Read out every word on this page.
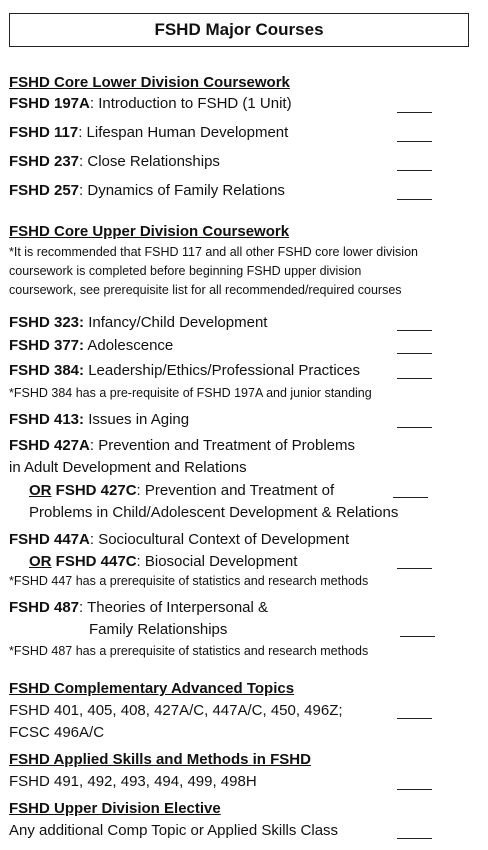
FSHD Major Courses
FSHD Core Lower Division Coursework
FSHD 197A: Introduction to FSHD (1 Unit)
FSHD 117: Lifespan Human Development
FSHD 237: Close Relationships
FSHD 257: Dynamics of Family Relations
FSHD Core Upper Division Coursework
*It is recommended that FSHD 117 and all other FSHD core lower division
coursework is completed before beginning FSHD upper division
coursework, see prerequisite list for all recommended/required courses
FSHD 323: Infancy/Child Development
FSHD 377: Adolescence
FSHD 384: Leadership/Ethics/Professional Practices
*FSHD 384 has a pre-requisite of FSHD 197A and junior standing
FSHD 413: Issues in Aging
FSHD 427A: Prevention and Treatment of Problems
in Adult Development and Relations
OR FSHD 427C: Prevention and Treatment of
Problems in Child/Adolescent Development & Relations
FSHD 447A: Sociocultural Context of Development
OR FSHD 447C: Biosocial Development
*FSHD 447 has a prerequisite of statistics and research methods
FSHD 487: Theories of Interpersonal &
Family Relationships
*FSHD 487 has a prerequisite of statistics and research methods
FSHD Complementary Advanced Topics
FSHD 401, 405, 408, 427A/C, 447A/C, 450, 496Z;
FCSC 496A/C
FSHD Applied Skills and Methods in FSHD
FSHD 491, 492, 493, 494, 499, 498H
FSHD Upper Division Elective
Any additional Comp Topic or Applied Skills Class
